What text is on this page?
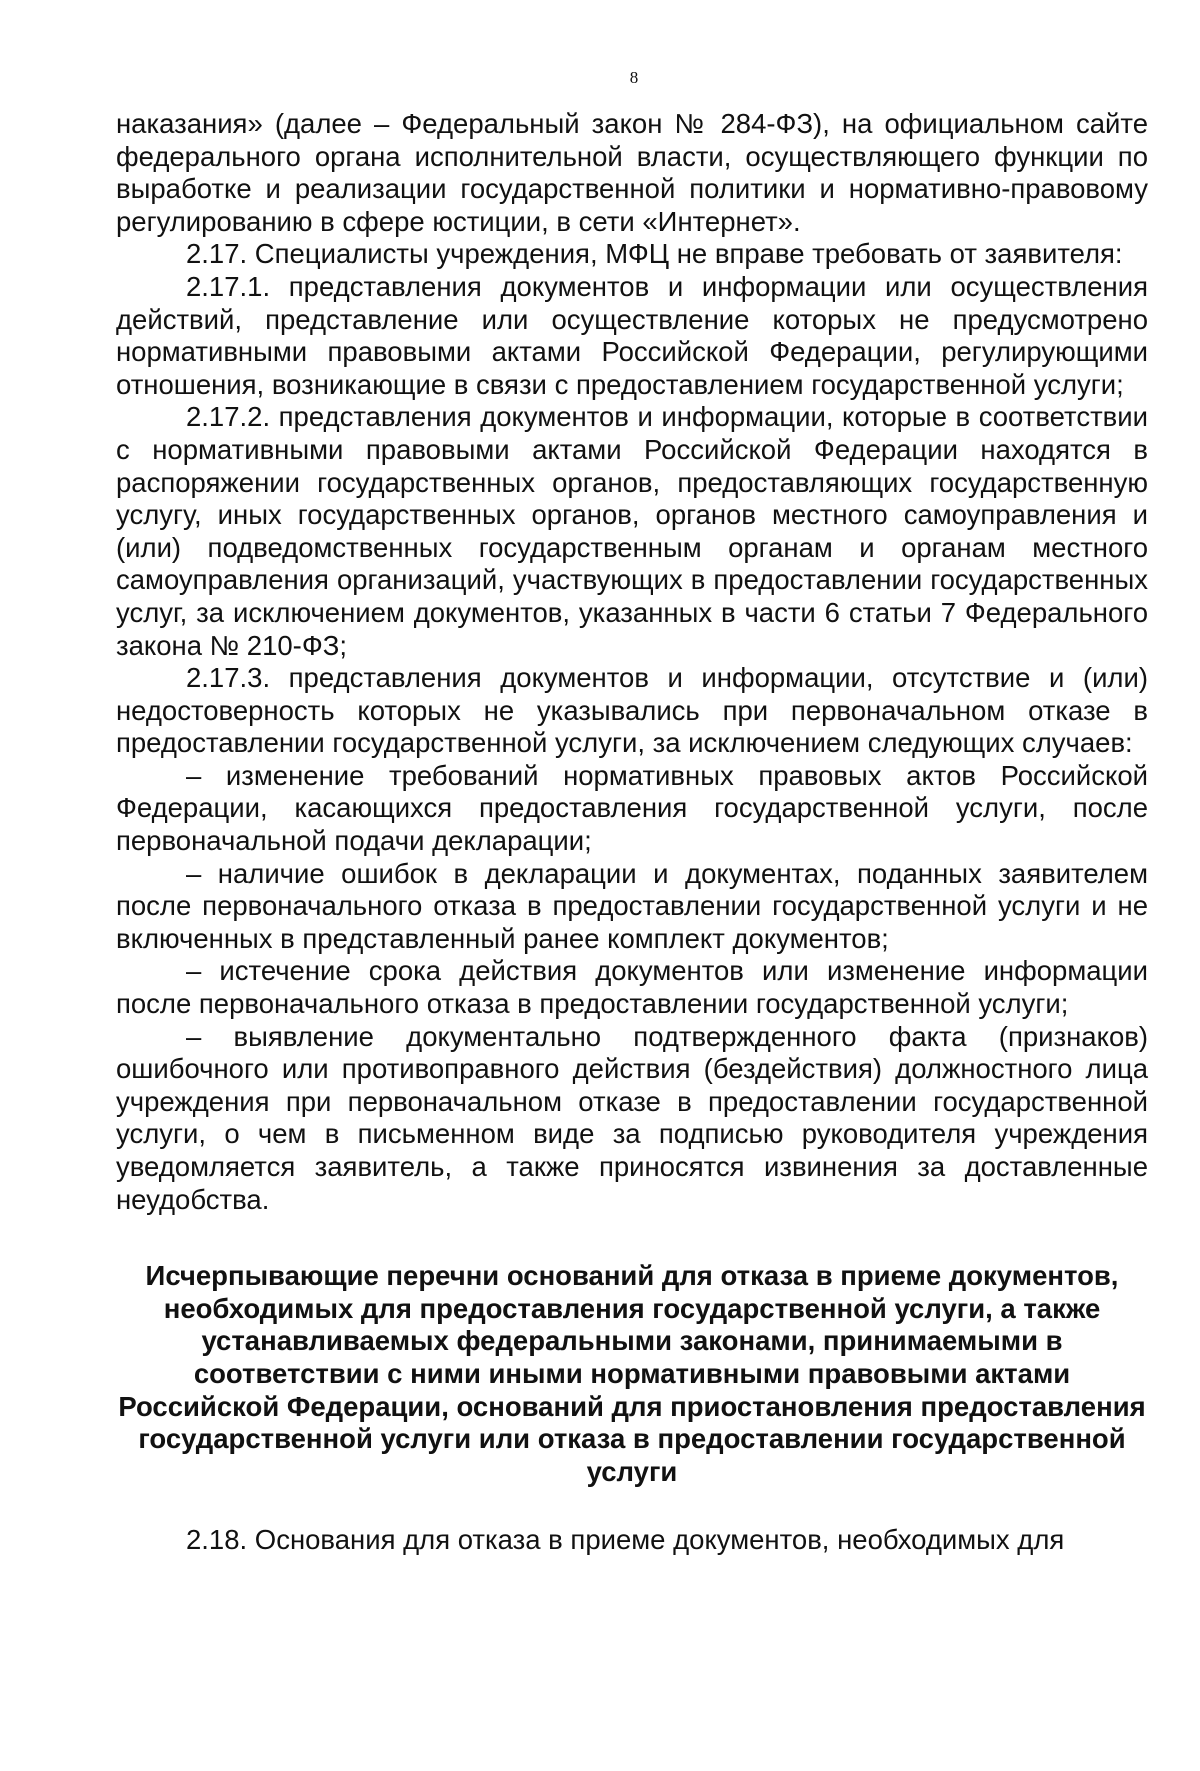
8

наказания» (далее – Федеральный закон № 284-ФЗ), на официальном сайте федерального органа исполнительной власти, осуществляющего функции по выработке и реализации государственной политики и нормативно-правовому регулированию в сфере юстиции, в сети «Интернет».

2.17. Специалисты учреждения, МФЦ не вправе требовать от заявителя:

2.17.1. представления документов и информации или осуществления действий, представление или осуществление которых не предусмотрено нормативными правовыми актами Российской Федерации, регулирующими отношения, возникающие в связи с предоставлением государственной услуги;

2.17.2. представления документов и информации, которые в соответствии с нормативными правовыми актами Российской Федерации находятся в распоряжении государственных органов, предоставляющих государственную услугу, иных государственных органов, органов местного самоуправления и (или) подведомственных государственным органам и органам местного самоуправления организаций, участвующих в предоставлении государственных услуг, за исключением документов, указанных в части 6 статьи 7 Федерального закона № 210-ФЗ;

2.17.3. представления документов и информации, отсутствие и (или) недостоверность которых не указывались при первоначальном отказе в предоставлении государственной услуги, за исключением следующих случаев:

– изменение требований нормативных правовых актов Российской Федерации, касающихся предоставления государственной услуги, после первоначальной подачи декларации;

– наличие ошибок в декларации и документах, поданных заявителем после первоначального отказа в предоставлении государственной услуги и не включенных в представленный ранее комплект документов;

– истечение срока действия документов или изменение информации после первоначального отказа в предоставлении государственной услуги;

– выявление документально подтвержденного факта (признаков) ошибочного или противоправного действия (бездействия) должностного лица учреждения при первоначальном отказе в предоставлении государственной услуги, о чем в письменном виде за подписью руководителя учреждения уведомляется заявитель, а также приносятся извинения за доставленные неудобства.

Исчерпывающие перечни оснований для отказа в приеме документов, необходимых для предоставления государственной услуги, а также устанавливаемых федеральными законами, принимаемыми в соответствии с ними иными нормативными правовыми актами Российской Федерации, оснований для приостановления предоставления государственной услуги или отказа в предоставлении государственной услуги

2.18. Основания для отказа в приеме документов, необходимых для
